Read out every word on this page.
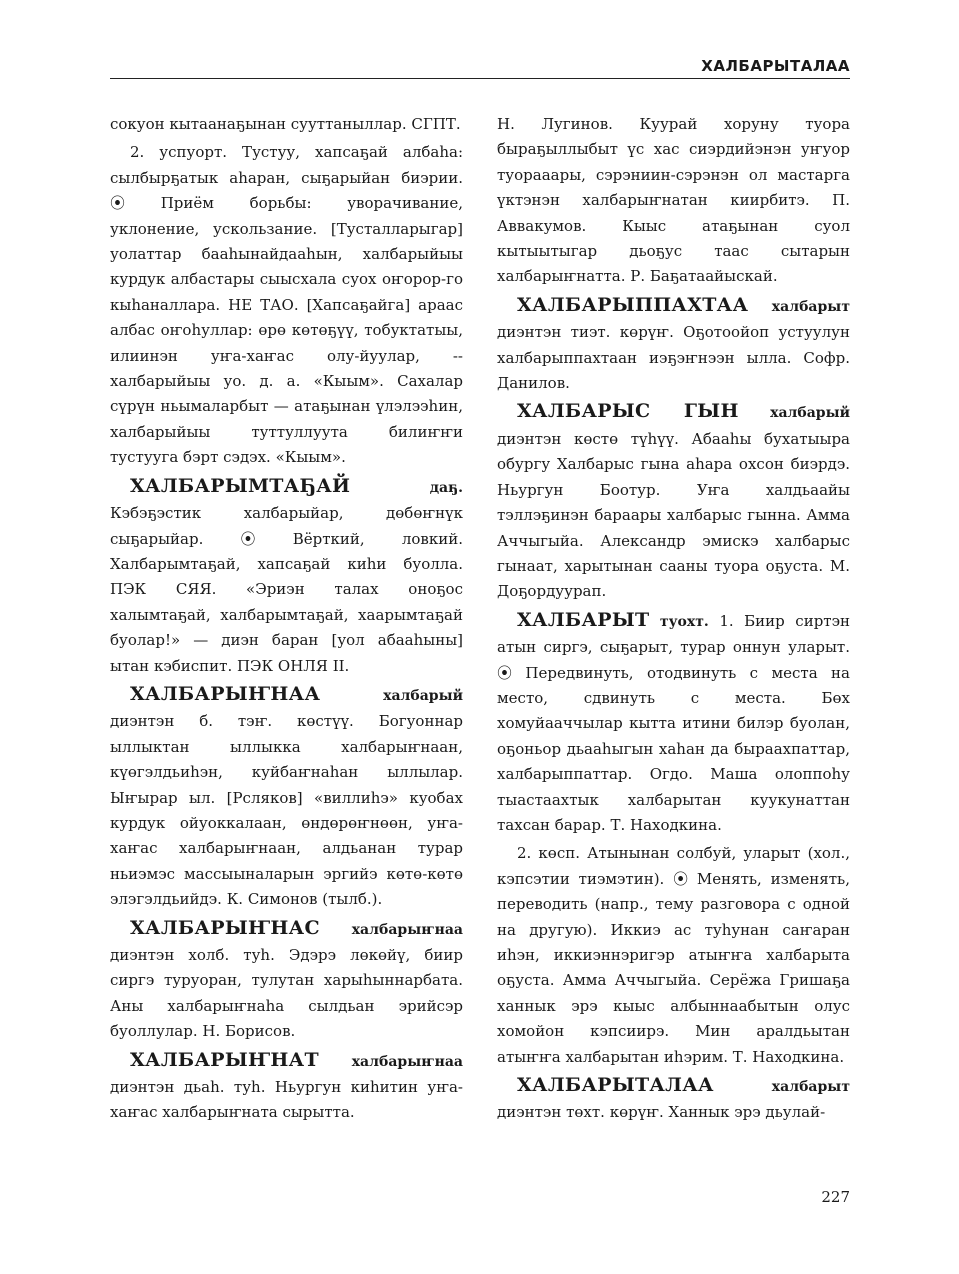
ХАЛБАРЫТАЛАА

сокуон кытаанаҕынан сууттаныллар. СГПТ.

2. успуорт. Тустуу, хапсаҕай албаһа: сылбырҕатык аһаран, сыҕарыйан биэрии. ⦿ Приём борьбы: уворачивание, уклонение, ускользание. [Тусталларыгар] уолаттар бааһынайдааһын, халбарыйыы курдук албастары сыысхала суох оҥорор-го кыһаналлара. НЕ ТАО. [Хапсаҕайга] араас албас оҥоһуллар: өрө көтөҕүү, тобуктатыы, илиинэн уҥа-хаҥас олу-йуулар, -- халбарыйыы уо. д. а. «Кыым». Сахалар сүрүн ньымаларбыт — атаҕынан үлэлээһин, халбарыйыы туттуллуута билиҥҥи тустууга бэрт сэдэх. «Кыым».

ХАЛБАРЫМТАҔАЙ	даҕ. Кэбэҕэстик халбарыйар, дөбөҥнүк сыҕарыйар. ⦿ Вёрткий, ловкий. Халбарымтаҕай, хапсаҕай киһи буолла. ПЭК СЯЯ. «Эриэн талах оноҕос халымтаҕай, халбарымтаҕай, хаарымтаҕай буолар!» — диэн баран [уол абааһыны] ытан кэбиспит. ПЭК ОНЛЯ II.

ХАЛБАРЫҤНАА	халбарый диэнтэн б. тэҥ. көстүү. Богуоннар ыллыктан ыллыкка халбарыҥнаан, күөгэлдьиһэн, куйбаҥнаһан ыллылар. Ыҥырар ыл. [Рсляков] «виллиһэ» куобах курдук ойуоккалаан, өндөрөҥнөөн, уҥа-хаҥас халбарыҥнаан, алдьанан турар ньиэмэс массыыналарын эргийэ көтө-көтө элэгэлдьийдэ. К. Симонов (тылб.).

ХАЛБАРЫҤНАС халбарыҥнаа диэнтэн холб. туһ. Эдэрэ лөкөйү, биир сиргэ туруоран, тулутан харыһыннарбата. Аны халбарыҥнаһа сылдьан эрийсэр буоллулар. Н. Борисов.

ХАЛБАРЫҤНАТ халбарыҥнаа диэнтэн дьаһ. туһ. Ньургун киһитин уҥа-хаҥас халбарыҥната сырытта.

Н. Лугинов. Куурай хоруну туора быраҕыллыбыт үс хас сиэрдийэнэн уҥуор туорааары, сэрэниин-сэрэнэн ол мастарга үктэнэн халбарыҥнатан киирбитэ. П. Аввакумов. Кыыс атаҕынан суол кытыытыгар дьоҕус таас сытарын халбарыҥнатта. Р. Баҕатаайыскай.

ХАЛБАРЫППАХТАА халбарыт диэнтэн тиэт. көрүҥ. Оҕотоойоп устуулун халбарыппахтаан иэҕэҥнээн ылла. Софр. Данилов.

ХАЛБАРЫС ГЫН халбарый диэнтэн көстө түһүү. Абааһы бухатыыра обургу Халбарыс гына аһара охсон биэрдэ. Ньургун Боотур. Уҥа халдьаайы тэллэҕинэн бараары халбарыс гынна. Амма Аччыгыйа. Александр эмискэ халбарыс гынаат, харытынан сааны туора оҕуста. М. Доҕордуурап.

ХАЛБАРЫТ туохт. 1. Биир сиртэн атын сиргэ, сыҕарыт, турар оннун уларыт. ⦿ Передвинуть, отодвинуть с места на место, сдвинуть с места. Бөх хомуйааччылар кытта итини билэр буолан, оҕоньор дьааһыгын хаһан да быраахпаттар, халбарыппаттар. Огдо. Маша олоппоһу тыастаахтык халбарытан куукунаттан тахсан барар. Т. Находкина.

2. көсп. Атынынан солбуй, уларыт (хол., кэпсэтии тиэмэтин). ⦿ Менять, изменять, переводить (напр., тему разговора с одной на другую). Иккиэ ас туһунан саҥаран иһэн, иккиэннэригэр атыҥҥа халбарыта оҕуста. Амма Аччыгыйа. Серёжа Гришаҕа ханнык эрэ кыыс албыннаабытын олус хомойон кэпсиирэ. Мин аралдьытан атыҥҥа халбарытан иһэрим. Т. Находкина.

ХАЛБАРЫТАЛАА	халбарыт диэнтэн төхт. көрүҥ. Ханнык эрэ дьулай-

227
